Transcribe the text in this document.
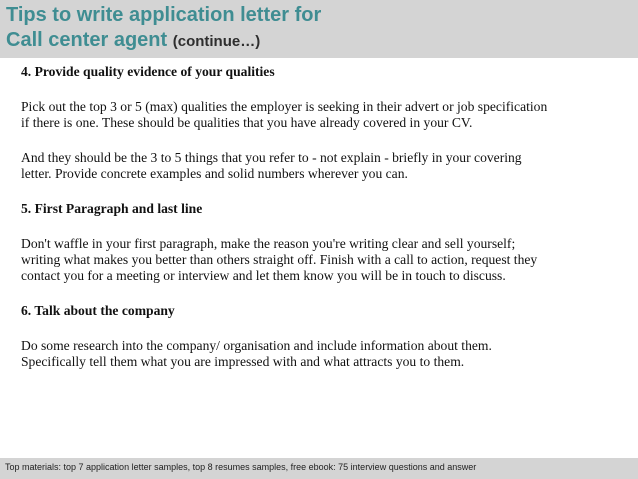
Tips to write application letter for
Call center agent (continue…)
4. Provide quality evidence of your qualities

Pick out the top 3 or 5 (max) qualities the employer is seeking in their advert or job specification
if there is one. These should be qualities that you have already covered in your CV.

And they should be the 3 to 5 things that you refer to - not explain - briefly in your covering
letter. Provide concrete examples and solid numbers wherever you can.

5. First Paragraph and last line

Don't waffle in your first paragraph, make the reason you're writing clear and sell yourself;
writing what makes you better than others straight off. Finish with a call to action, request they
contact you for a meeting or interview and let them know you will be in touch to discuss.

6. Talk about the company

Do some research into the company/ organisation and include information about them.
Specifically tell them what you are impressed with and what attracts you to them.

Top materials: top 7 application letter samples, top 8 resumes samples, free ebook: 75 interview questions and answer
